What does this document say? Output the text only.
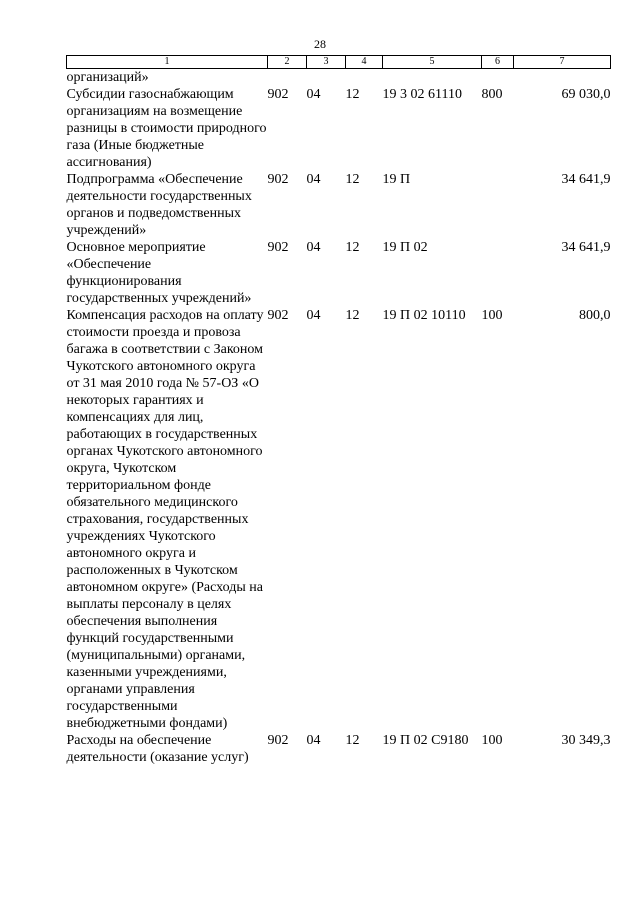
28
1	2	3	4	5	6	7
организаций»						
Субсидии газоснабжающим организациям на возмещение разницы в стоимости природного газа (Иные бюджетные ассигнования)	902	04	12	19 3 02 61110	800	69 030,0
Подпрограмма «Обеспечение деятельности государственных органов и подведомственных учреждений»	902	04	12	19 П		34 641,9
Основное мероприятие «Обеспечение функционирования государственных учреждений»	902	04	12	19 П 02		34 641,9
Компенсация расходов на оплату стоимости проезда и провоза багажа в соответствии с Законом Чукотского автономного округа от 31 мая 2010 года № 57-ОЗ «О некоторых гарантиях и компенсациях для лиц, работающих в государственных органах Чукотского автономного округа, Чукотском территориальном фонде обязательного медицинского страхования, государственных учреждениях Чукотского автономного округа и расположенных в Чукотском автономном округе» (Расходы на выплаты персоналу в целях обеспечения выполнения функций государственными (муниципальными) органами, казенными учреждениями, органами управления государственными внебюджетными фондами)	902	04	12	19 П 02 10110	100	800,0
Расходы на обеспечение деятельности (оказание услуг)	902	04	12	19 П 02 С9180	100	30 349,3
